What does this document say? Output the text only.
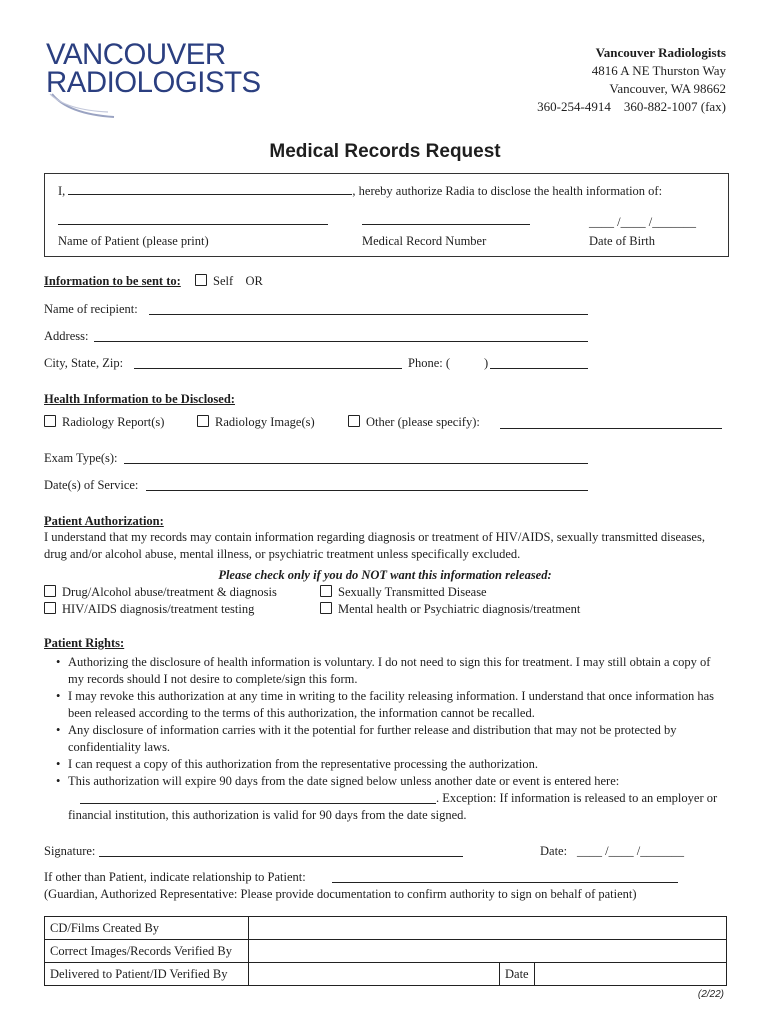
VANCOUVER
RADIOLOGISTS
Vancouver Radiologists
4816 A NE Thurston Way
Vancouver, WA 98662
360-254-4914    360-882-1007 (fax)
Medical Records Request
I,	, hereby authorize Radia to disclose the health information of:
Name of Patient (please print)	Medical Record Number
____ /____ /_______
Date of Birth
Information to be sent to:	Self OR
Name of recipient:
Address:
City, State, Zip:	Phone: (	)
Health Information to be Disclosed:
Radiology Report(s)	Radiology Image(s)	Other (please specify):
Exam Type(s):
Date(s) of Service:
Patient Authorization:
I understand that my records may contain information regarding diagnosis or treatment of HIV/AIDS, sexually transmitted diseases, drug and/or alcohol abuse, mental illness, or psychiatric treatment unless specifically excluded.
Please check only if you do NOT want this information released:
Drug/Alcohol abuse/treatment & diagnosis	Sexually Transmitted Disease
HIV/AIDS diagnosis/treatment testing	Mental health or Psychiatric diagnosis/treatment
Patient Rights:
• Authorizing the disclosure of health information is voluntary. I do not need to sign this for treatment. I may still obtain a copy of my records should I not desire to complete/sign this form.
• I may revoke this authorization at any time in writing to the facility releasing information. I understand that once information has been released according to the terms of this authorization, the information cannot be recalled.
• Any disclosure of information carries with it the potential for further release and distribution that may not be protected by confidentiality laws.
• I can request a copy of this authorization from the representative processing the authorization.
• This authorization will expire 90 days from the date signed below unless another date or event is entered here:
. Exception: If information is released to an employer or financial institution, this authorization is valid for 90 days from the date signed.
Signature:	Date: ____ /____ /_______
If other than Patient, indicate relationship to Patient:
(Guardian, Authorized Representative: Please provide documentation to confirm authority to sign on behalf of patient)
CD/Films Created By			
Correct Images/Records Verified By			
Delivered to Patient/ID Verified By		Date	
(2/22)
